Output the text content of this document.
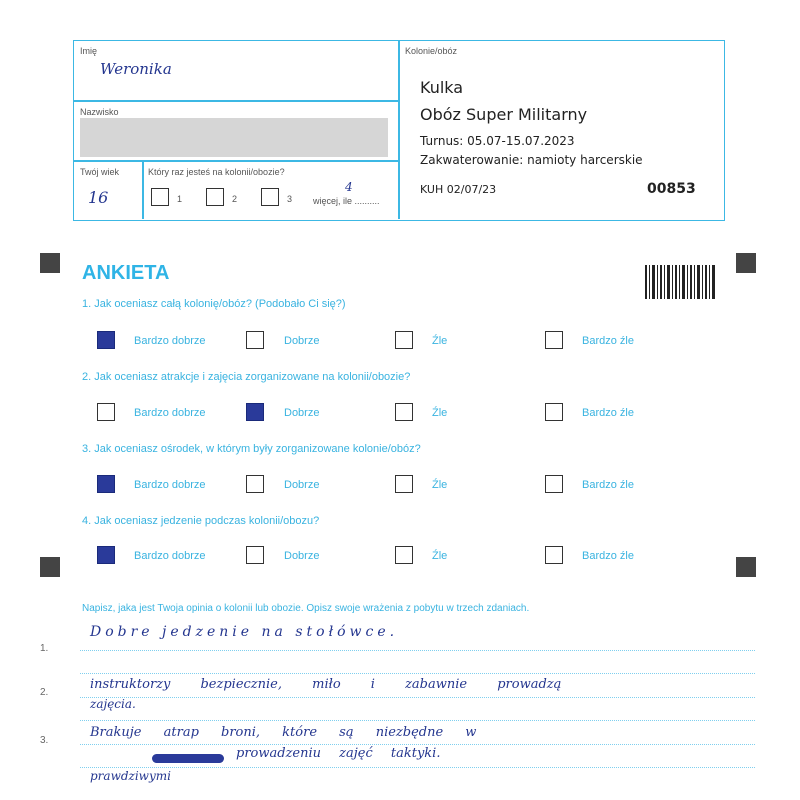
Imię
Weronika
Nazwisko
Twój wiek
16
Który raz jesteś na kolonii/obozie?
1	2	3 więcej, ile ..........
4
Kolonie/obóz
Kulka
Obóz Super Militarny
Turnus: 05.07-15.07.2023
Zakwaterowanie: namioty harcerskie
KUH 02/07/23	00853
ANKIETA
1. Jak oceniasz całą kolonię/obóz? (Podobało Ci się?)
Bardzo dobrze	Dobrze	Źle	Bardzo źle
2. Jak oceniasz atrakcje i zajęcia zorganizowane na kolonii/obozie?
Bardzo dobrze	Dobrze	Źle	Bardzo źle
3. Jak oceniasz ośrodek, w którym były zorganizowane kolonie/obóz?
Bardzo dobrze	Dobrze	Źle	Bardzo źle
4. Jak oceniasz jedzenie podczas kolonii/obozu?
Bardzo dobrze	Dobrze	Źle	Bardzo źle
Napisz, jaka jest Twoja opinia o kolonii lub obozie. Opisz swoje wrażenia z pobytu w trzech zdaniach.
1.
2.
3.
Dobre jedzenie na stołówce.
instruktorzy bezpiecznie, miło i zabawnie prowadzą
zajęcia.
Brakuje atrap broni, które są niezbędne w
prowadzeniu zajęć taktyki.
prawdziwymi
